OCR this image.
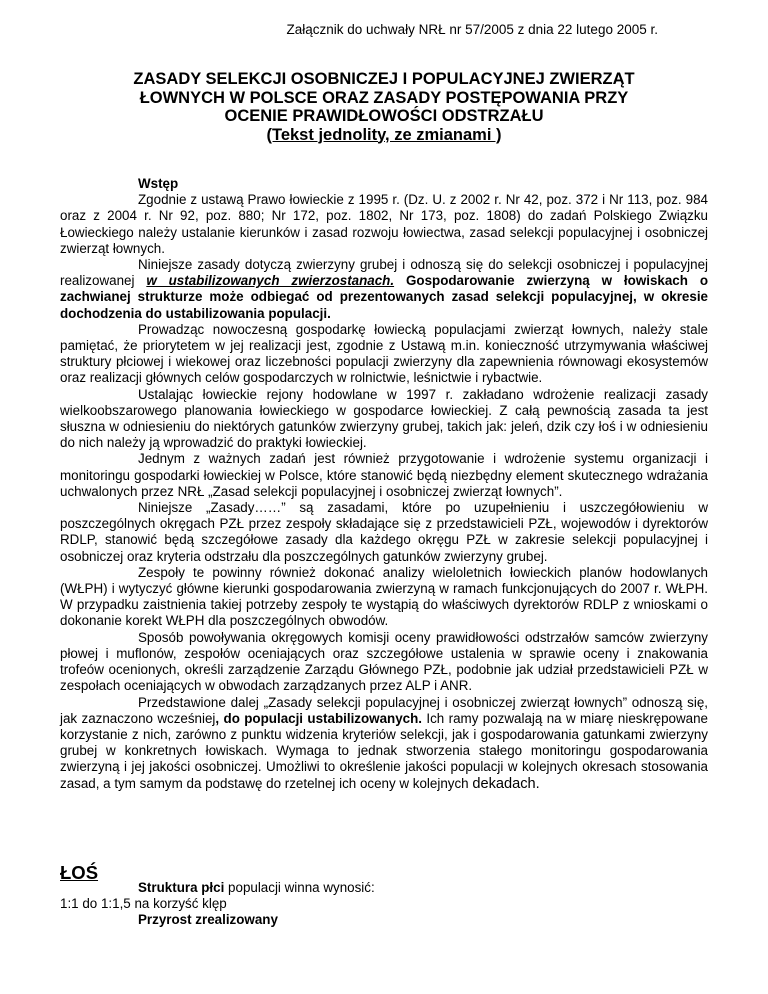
Załącznik do uchwały NRŁ nr 57/2005 z dnia 22 lutego 2005 r.
ZASADY SELEKCJI OSOBNICZEJ I POPULACYJNEJ ZWIERZĄT
ŁOWNYCH W POLSCE ORAZ ZASADY POSTĘPOWANIA PRZY
OCENIE PRAWIDŁOWOŚCI ODSTRZAŁU
(Tekst jednolity, ze zmianami )
Wstęp

Zgodnie z ustawą Prawo łowieckie z 1995 r. (Dz. U. z 2002 r. Nr 42, poz. 372 i Nr 113, poz. 984 oraz z 2004 r. Nr 92, poz. 880; Nr 172, poz. 1802, Nr 173, poz. 1808) do zadań Polskiego Związku Łowieckiego należy ustalanie kierunków i zasad rozwoju łowiectwa, zasad selekcji populacyjnej i osobniczej zwierząt łownych.

Niniejsze zasady dotyczą zwierzyny grubej i odnoszą się do selekcji osobniczej i populacyjnej realizowanej w ustabilizowanych zwierzostanach. Gospodarowanie zwierzyną w łowiskach o zachwianej strukturze może odbiegać od prezentowanych zasad selekcji populacyjnej, w okresie dochodzenia do ustabilizowania populacji.

Prowadząc nowoczesną gospodarkę łowiecką populacjami zwierząt łownych, należy stale pamiętać, że priorytetem w jej realizacji jest, zgodnie z Ustawą m.in. konieczność utrzymywania właściwej struktury płciowej i wiekowej oraz liczebności populacji zwierzyny dla zapewnienia równowagi ekosystemów oraz realizacji głównych celów gospodarczych w rolnictwie, leśnictwie i rybactwie.

Ustalając łowieckie rejony hodowlane w 1997 r. zakładano wdrożenie realizacji zasady wielkoobszarowego planowania łowieckiego w gospodarce łowieckiej. Z całą pewnością zasada ta jest słuszna w odniesieniu do niektórych gatunków zwierzyny grubej, takich jak: jeleń, dzik czy łoś i w odniesieniu do nich należy ją wprowadzić do praktyki łowieckiej.

Jednym z ważnych zadań jest również przygotowanie i wdrożenie systemu organizacji i monitoringu gospodarki łowieckiej w Polsce, które stanowić będą niezbędny element skutecznego wdrażania uchwalonych przez NRŁ „Zasad selekcji populacyjnej i osobniczej zwierząt łownych”.

Niniejsze „Zasady……” są zasadami, które po uzupełnieniu i uszczegółowieniu w poszczególnych okręgach PZŁ przez zespoły składające się z przedstawicieli PZŁ, wojewodów i dyrektorów RDLP, stanowić będą szczegółowe zasady dla każdego okręgu PZŁ w zakresie selekcji populacyjnej i osobniczej oraz kryteria odstrzału dla poszczególnych gatunków zwierzyny grubej.

Zespoły te powinny również dokonać analizy wieloletnich łowieckich planów hodowlanych (WŁPH) i wytyczyć główne kierunki gospodarowania zwierzyną w ramach funkcjonujących do 2007 r. WŁPH. W przypadku zaistnienia takiej potrzeby zespoły te wystąpią do właściwych dyrektorów RDLP z wnioskami o dokonanie korekt WŁPH dla poszczególnych obwodów.

Sposób powoływania okręgowych komisji oceny prawidłowości odstrzałów samców zwierzyny płowej i muflonów, zespołów oceniających oraz szczegółowe ustalenia w sprawie oceny i znakowania trofeów ocenionych, określi zarządzenie Zarządu Głównego PZŁ, podobnie jak udział przedstawicieli PZŁ w zespołach oceniających w obwodach zarządzanych przez ALP i ANR.

Przedstawione dalej „Zasady selekcji populacyjnej i osobniczej zwierząt łownych” odnoszą się, jak zaznaczono wcześniej, do populacji ustabilizowanych. Ich ramy pozwalają na w miarę nieskrępowane korzystanie z nich, zarówno z punktu widzenia kryteriów selekcji, jak i gospodarowania gatunkami zwierzyny grubej w konkretnych łowiskach. Wymaga to jednak stworzenia stałego monitoringu gospodarowania zwierzyną i jej jakości osobniczej. Umożliwi to określenie jakości populacji w kolejnych okresach stosowania zasad, a tym samym da podstawę do rzetelnej ich oceny w kolejnych dekadach.

ŁOŚ
Struktura płci populacji winna wynosić:
1:1 do 1:1,5 na korzyść klęp
Przyrost zrealizowany
